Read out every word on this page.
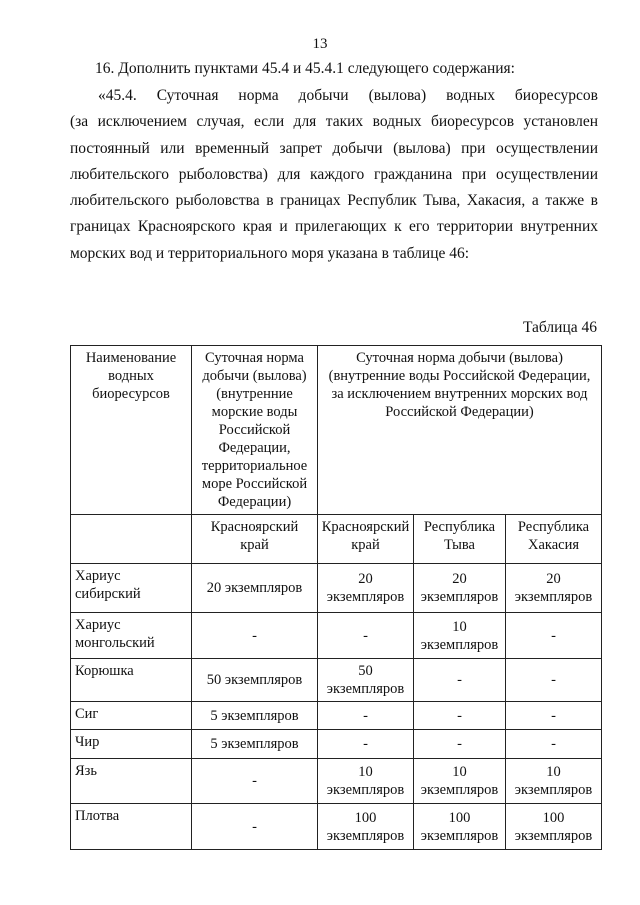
13
16. Дополнить пунктами 45.4 и 45.4.1 следующего содержания:
«45.4. Суточная норма добычи (вылова) водных биоресурсов
(за исключением случая, если для таких водных биоресурсов установлен
постоянный или временный запрет добычи (вылова) при осуществлении
любительского рыболовства) для каждого гражданина при осуществлении
любительского рыболовства в границах Республик Тыва, Хакасия, а также в
границах Красноярского края и прилегающих к его территории внутренних
морских вод и территориального моря указана в таблице 46:
Таблица 46
Наименование водных биоресурсов	Суточная норма добычи (вылова) (внутренние морские воды Российской Федерации, территориальное море Российской Федерации)	Суточная норма добычи (вылова) (внутренние воды Российской Федерации, за исключением внутренних морских вод Российской Федерации)		
	Красноярский край	Красноярский край	Республика Тыва	Республика Хакасия
Хариус сибирский	20 экземпляров	20 экземпляров	20 экземпляров	20 экземпляров
Хариус монгольский	-	-	10 экземпляров	-
Корюшка	50 экземпляров	50 экземпляров	-	-
Сиг	5 экземпляров	-	-	-
Чир	5 экземпляров	-	-	-
Язь	-	10 экземпляров	10 экземпляров	10 экземпляров
Плотва	-	100 экземпляров	100 экземпляров	100 экземпляров
